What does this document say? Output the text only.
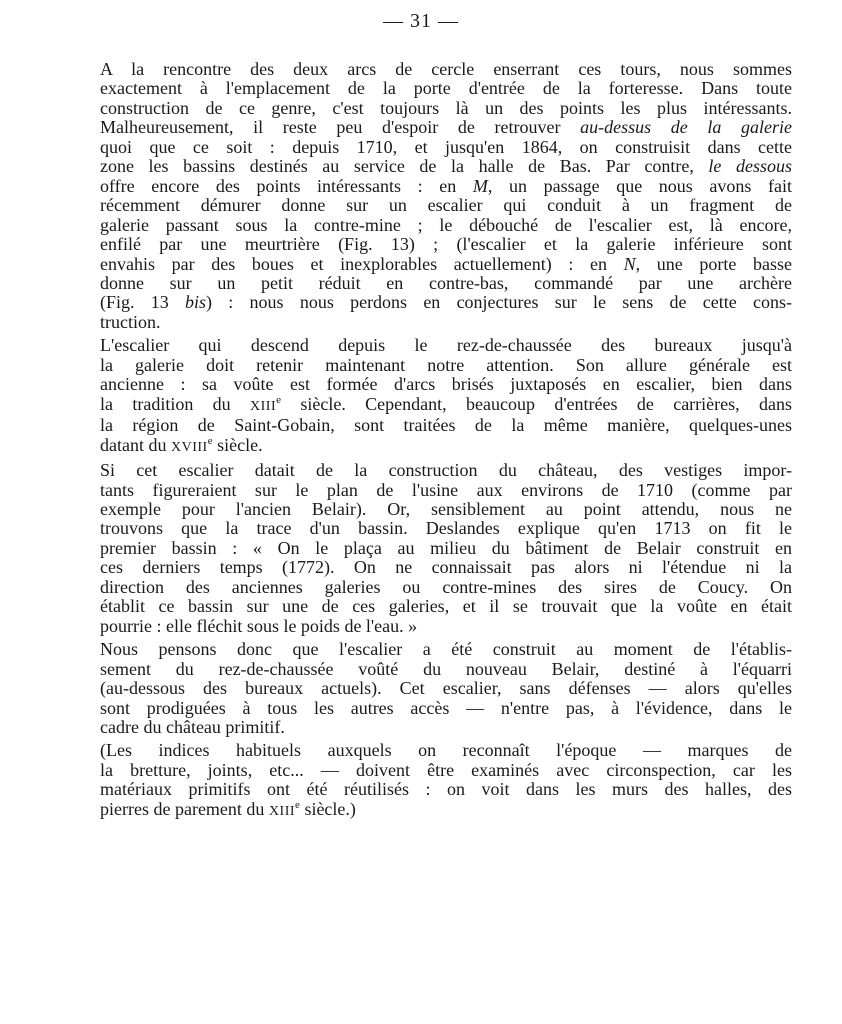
— 31 —

A la rencontre des deux arcs de cercle enserrant ces tours, nous sommes
exactement à l'emplacement de la porte d'entrée de la forteresse. Dans toute
construction de ce genre, c'est toujours là un des points les plus intéressants.
Malheureusement, il reste peu d'espoir de retrouver au-dessus de la galerie
quoi que ce soit : depuis 1710, et jusqu'en 1864, on construisit dans cette
zone les bassins destinés au service de la halle de Bas. Par contre, le dessous
offre encore des points intéressants : en M, un passage que nous avons fait
récemment démurer donne sur un escalier qui conduit à un fragment de
galerie passant sous la contre-mine ; le débouché de l'escalier est, là encore,
enfilé par une meurtrière (Fig. 13) ; (l'escalier et la galerie inférieure sont
envahis par des boues et inexplorables actuellement) : en N, une porte basse
donne sur un petit réduit en contre-bas, commandé par une archère
(Fig. 13 bis) : nous nous perdons en conjectures sur le sens de cette cons-
truction.

L'escalier qui descend depuis le rez-de-chaussée des bureaux jusqu'à
la galerie doit retenir maintenant notre attention. Son allure générale est
ancienne : sa voûte est formée d'arcs brisés juxtaposés en escalier, bien dans
la tradition du XIIIe siècle. Cependant, beaucoup d'entrées de carrières, dans
la région de Saint-Gobain, sont traitées de la même manière, quelques-unes
datant du XVIIIe siècle.

Si cet escalier datait de la construction du château, des vestiges impor-
tants figureraient sur le plan de l'usine aux environs de 1710 (comme par
exemple pour l'ancien Belair). Or, sensiblement au point attendu, nous ne
trouvons que la trace d'un bassin. Deslandes explique qu'en 1713 on fit le
premier bassin : « On le plaça au milieu du bâtiment de Belair construit en
ces derniers temps (1772). On ne connaissait pas alors ni l'étendue ni la
direction des anciennes galeries ou contre-mines des sires de Coucy. On
établit ce bassin sur une de ces galeries, et il se trouvait que la voûte en était
pourrie : elle fléchit sous le poids de l'eau. »

Nous pensons donc que l'escalier a été construit au moment de l'établis-
sement du rez-de-chaussée voûté du nouveau Belair, destiné à l'équarri
(au-dessous des bureaux actuels). Cet escalier, sans défenses — alors qu'elles
sont prodiguées à tous les autres accès — n'entre pas, à l'évidence, dans le
cadre du château primitif.

(Les indices habituels auxquels on reconnaît l'époque — marques de
la bretture, joints, etc... — doivent être examinés avec circonspection, car les
matériaux primitifs ont été réutilisés : on voit dans les murs des halles, des
pierres de parement du XIIIe siècle.)
